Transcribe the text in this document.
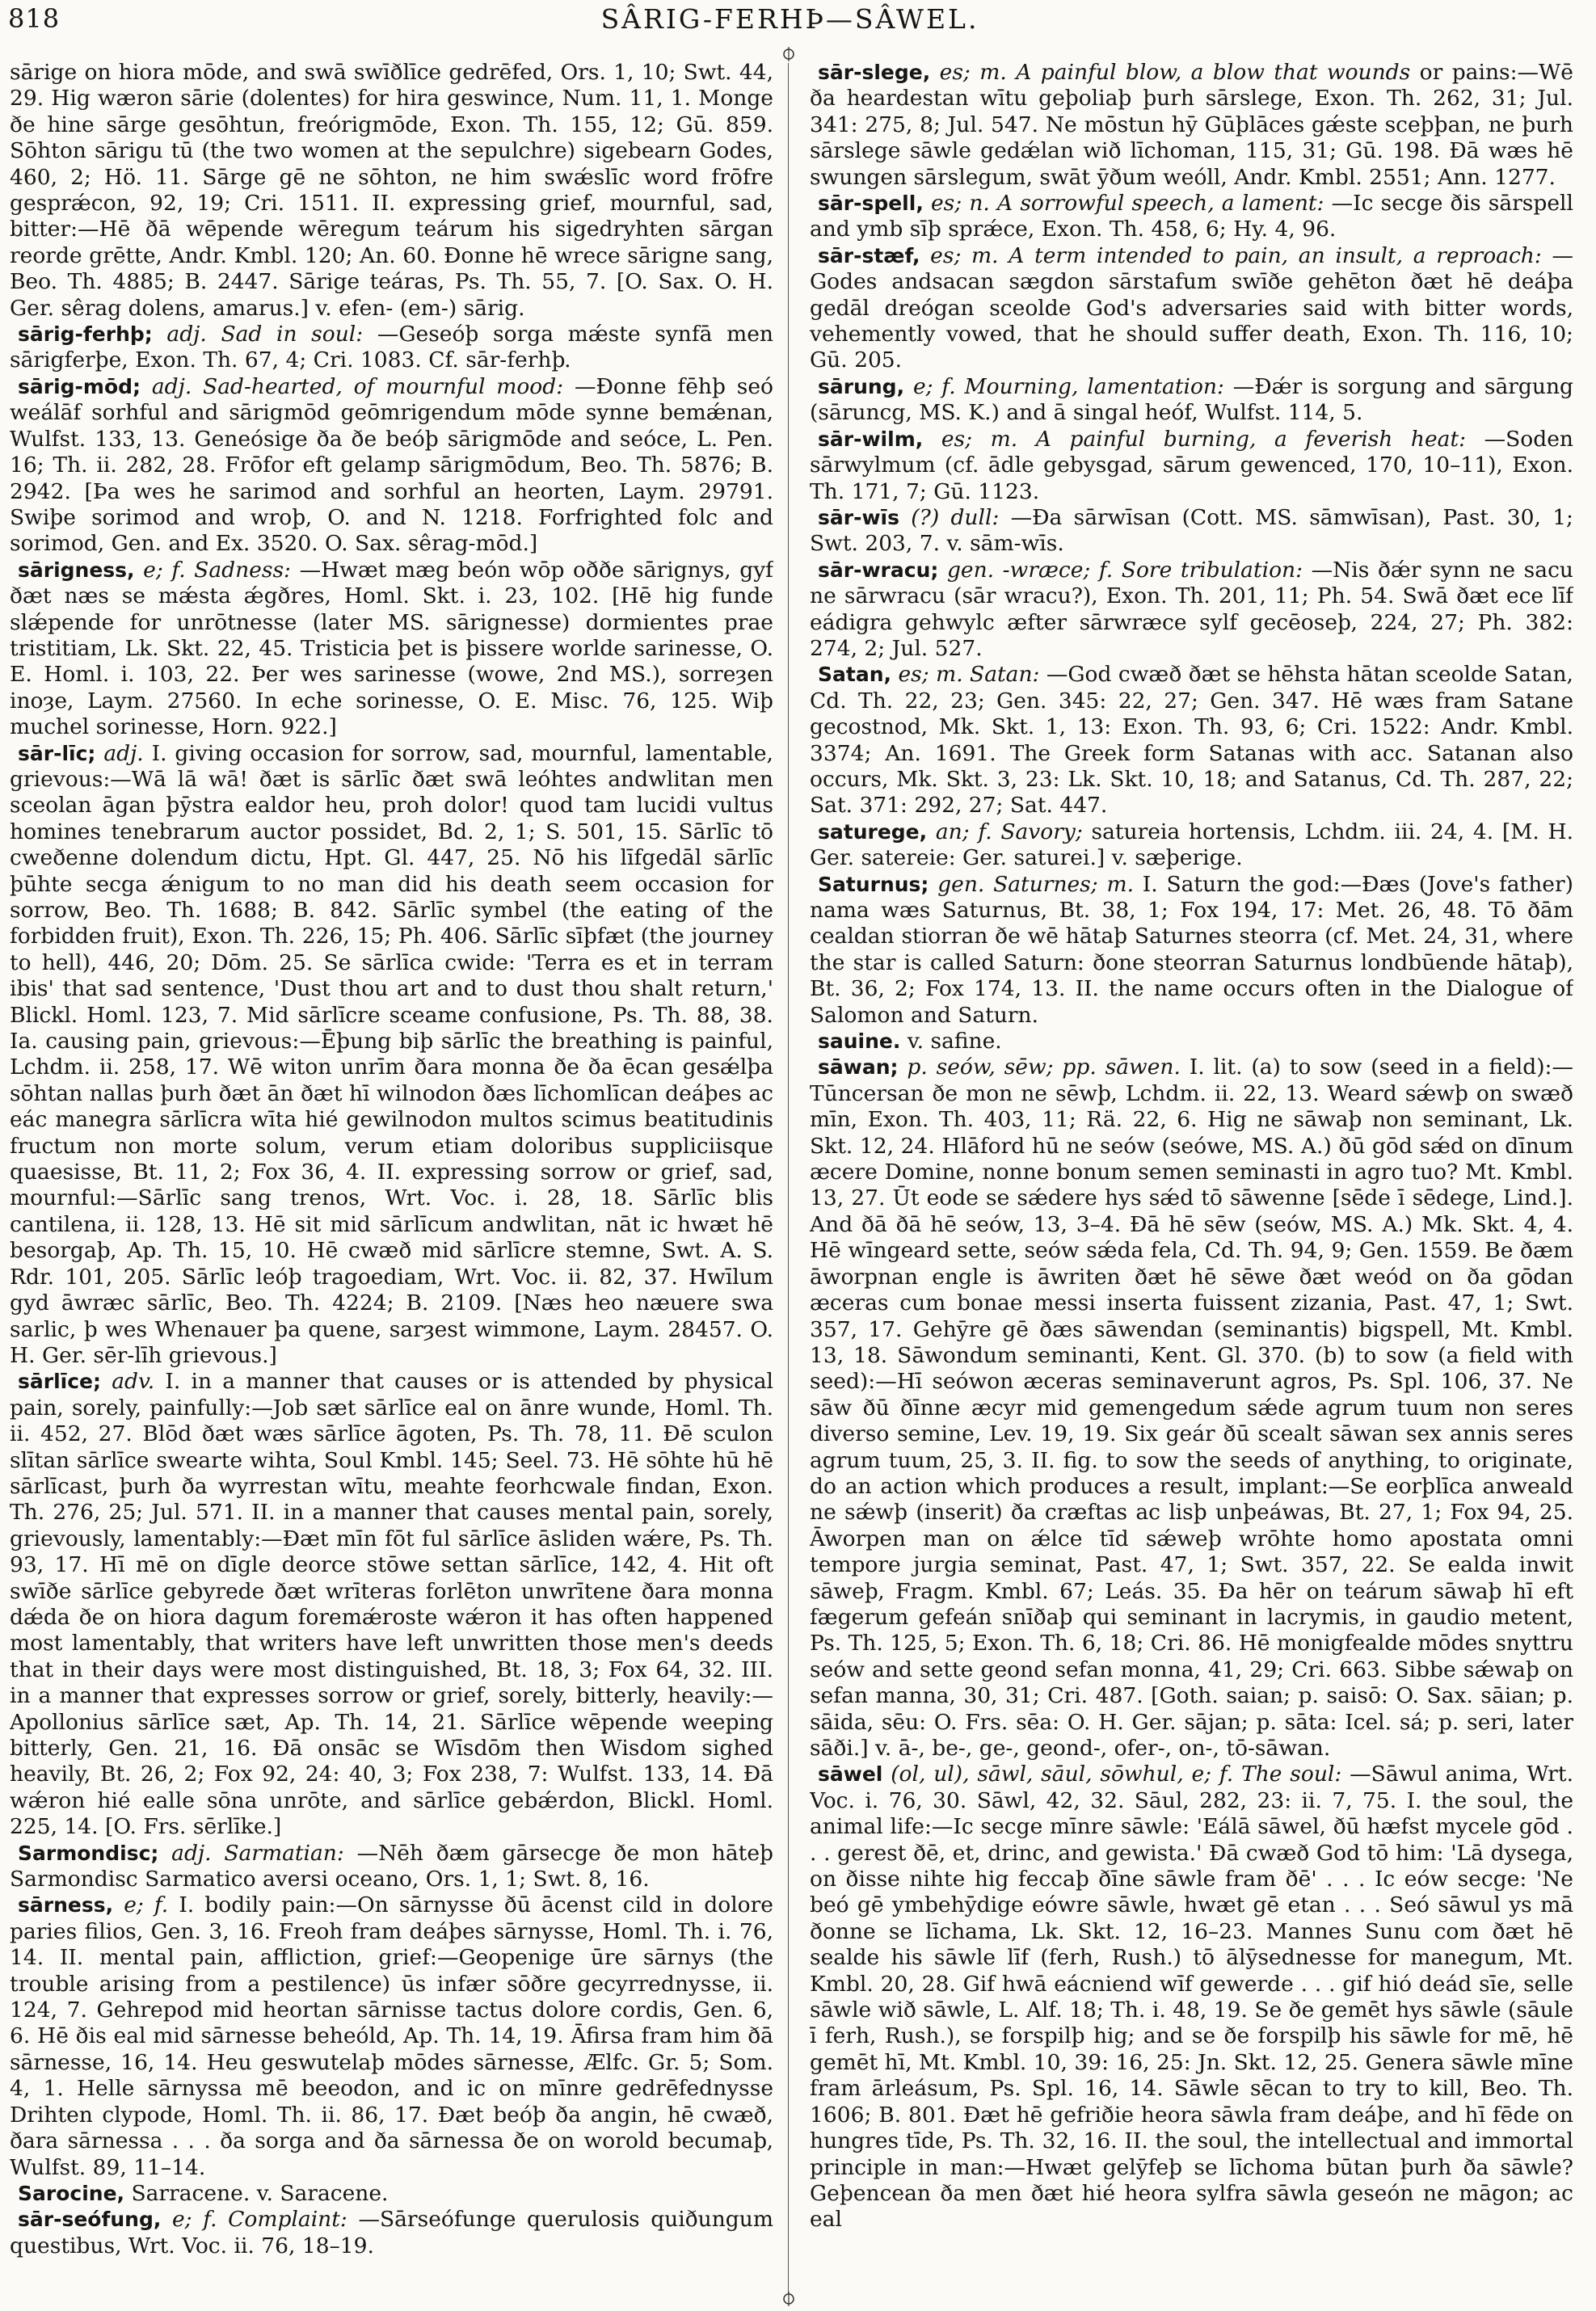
818	SÂRIG-FERHÞ—SÂWEL.

sārige on hiora mōde, and swā swīðlīce gedrēfed, Ors. 1, 10; Swt. 44, 29. Hig wæron sārie (dolentes) for hira geswince, Num. 11, 1. Monge ðe hine sārge gesōhtun, freórigmōde, Exon. Th. 155, 12; Gū. 859. Sōhton sārigu tū (the two women at the sepulchre) sigebearn Godes, 460, 2; Hö. 11. Sārge gē ne sōhton, ne him swǽslīc word frōfre gesprǽcon, 92, 19; Cri. 1511. II. expressing grief, mournful, sad, bitter:—Hē ðā wēpende wēregum teárum his sigedryhten sārgan reorde grētte, Andr. Kmbl. 120; An. 60. Ðonne hē wrece sārigne sang, Beo. Th. 4885; B. 2447. Sārige teáras, Ps. Th. 55, 7. [O. Sax. O. H. Ger. sêrag dolens, amarus.] v. efen- (em-) sārig.

sārig-ferhþ; adj. Sad in soul: —Geseóþ sorga mǽste synfā men sārigferþe, Exon. Th. 67, 4; Cri. 1083. Cf. sār-ferhþ.

sārig-mōd; adj. Sad-hearted, of mournful mood: —Ðonne fēhþ seó weálāf sorhful and sārigmōd geōmrigendum mōde synne bemǽnan, Wulfst. 133, 13. Geneósige ða ðe beóþ sārigmōde and seóce, L. Pen. 16; Th. ii. 282, 28. Frōfor eft gelamp sārigmōdum, Beo. Th. 5876; B. 2942. [Þa wes he sarimod and sorhful an heorten, Laym. 29791. Swiþe sorimod and wroþ, O. and N. 1218. Forfrighted folc and sorimod, Gen. and Ex. 3520. O. Sax. sêrag-mōd.]

sārigness, e; f. Sadness: —Hwæt mæg beón wōp oððe sārignys, gyf ðæt næs se mǽsta ǽgðres, Homl. Skt. i. 23, 102. [Hē hig funde slǽpende for unrōtnesse (later MS. sārignesse) dormientes prae tristitiam, Lk. Skt. 22, 45. Tristicia þet is þissere worlde sarinesse, O. E. Homl. i. 103, 22. Þer wes sarinesse (wowe, 2nd MS.), sorreȝen inoȝe, Laym. 27560. In eche sorinesse, O. E. Misc. 76, 125. Wiþ muchel sorinesse, Horn. 922.]

sār-līc; adj. I. giving occasion for sorrow, sad, mournful, lamentable, grievous:—Wā lā wā! ðæt is sārlīc ðæt swā leóhtes andwlitan men sceolan āgan þȳstra ealdor heu, proh dolor! quod tam lucidi vultus homines tenebrarum auctor possidet, Bd. 2, 1; S. 501, 15. Sārlīc tō cweðenne dolendum dictu, Hpt. Gl. 447, 25. Nō his līfgedāl sārlīc þūhte secga ǽnigum to no man did his death seem occasion for sorrow, Beo. Th. 1688; B. 842. Sārlīc symbel (the eating of the forbidden fruit), Exon. Th. 226, 15; Ph. 406. Sārlīc sīþfæt (the journey to hell), 446, 20; Dōm. 25. Se sārlīca cwide: 'Terra es et in terram ibis' that sad sentence, 'Dust thou art and to dust thou shalt return,' Blickl. Homl. 123, 7. Mid sārlīcre sceame confusione, Ps. Th. 88, 38. Ia. causing pain, grievous:—Ēþung biþ sārlīc the breathing is painful, Lchdm. ii. 258, 17. Wē witon unrīm ðara monna ðe ða ēcan gesǽlþa sōhtan nallas þurh ðæt ān ðæt hī wilnodon ðæs līchomlīcan deáþes ac eác manegra sārlīcra wīta hié gewilnodon multos scimus beatitudinis fructum non morte solum, verum etiam doloribus suppliciisque quaesisse, Bt. 11, 2; Fox 36, 4. II. expressing sorrow or grief, sad, mournful:—Sārlīc sang trenos, Wrt. Voc. i. 28, 18. Sārlīc blis cantilena, ii. 128, 13. Hē sit mid sārlīcum andwlitan, nāt ic hwæt hē besorgaþ, Ap. Th. 15, 10. Hē cwæð mid sārlīcre stemne, Swt. A. S. Rdr. 101, 205. Sārlīc leóþ tragoediam, Wrt. Voc. ii. 82, 37. Hwīlum gyd āwræc sārlīc, Beo. Th. 4224; B. 2109. [Næs heo næuere swa sarlic, þ wes Whenauer þa quene, sarȝest wimmone, Laym. 28457. O. H. Ger. sēr-līh grievous.]

sārlīce; adv. I. in a manner that causes or is attended by physical pain, sorely, painfully:—Job sæt sārlīce eal on ānre wunde, Homl. Th. ii. 452, 27. Blōd ðæt wæs sārlīce āgoten, Ps. Th. 78, 11. Ðē sculon slītan sārlīce swearte wihta, Soul Kmbl. 145; Seel. 73. Hē sōhte hū hē sārlīcast, þurh ða wyrrestan wītu, meahte feorhcwale findan, Exon. Th. 276, 25; Jul. 571. II. in a manner that causes mental pain, sorely, grievously, lamentably:—Ðæt mīn fōt ful sārlīce āsliden wǽre, Ps. Th. 93, 17. Hī mē on dīgle deorce stōwe settan sārlīce, 142, 4. Hit oft swīðe sārlīce gebyrede ðæt wrīteras forlēton unwrītene ðara monna dǽda ðe on hiora dagum foremǽroste wǽron it has often happened most lamentably, that writers have left unwritten those men's deeds that in their days were most distinguished, Bt. 18, 3; Fox 64, 32. III. in a manner that expresses sorrow or grief, sorely, bitterly, heavily:—Apollonius sārlīce sæt, Ap. Th. 14, 21. Sārlīce wēpende weeping bitterly, Gen. 21, 16. Ðā onsāc se Wīsdōm then Wisdom sighed heavily, Bt. 26, 2; Fox 92, 24: 40, 3; Fox 238, 7: Wulfst. 133, 14. Ðā wǽron hié ealle sōna unrōte, and sārlīce gebǽrdon, Blickl. Homl. 225, 14. [O. Frs. sērlīke.]

Sarmondisc; adj. Sarmatian: —Nēh ðæm gārsecge ðe mon hāteþ Sarmondisc Sarmatico aversi oceano, Ors. 1, 1; Swt. 8, 16.

sārness, e; f. I. bodily pain:—On sārnysse ðū ācenst cild in dolore paries filios, Gen. 3, 16. Freoh fram deáþes sārnysse, Homl. Th. i. 76, 14. II. mental pain, affliction, grief:—Geopenige ūre sārnys (the trouble arising from a pestilence) ūs infær sōðre gecyrrednysse, ii. 124, 7. Gehrepod mid heortan sārnisse tactus dolore cordis, Gen. 6, 6. Hē ðis eal mid sārnesse beheóld, Ap. Th. 14, 19. Āfirsa fram him ðā sārnesse, 16, 14. Heu geswutelaþ mōdes sārnesse, Ælfc. Gr. 5; Som. 4, 1. Helle sārnyssa mē beeodon, and ic on mīnre gedrēfednysse Drihten clypode, Homl. Th. ii. 86, 17. Ðæt beóþ ða angin, hē cwæð, ðara sārnessa . . . ða sorga and ða sārnessa ðe on worold becumaþ, Wulfst. 89, 11–14.

Sarocine, Sarracene. v. Saracene.

sār-seófung, e; f. Complaint: —Sārseófunge querulosis quiðungum questibus, Wrt. Voc. ii. 76, 18–19.

sār-slege, es; m. A painful blow, a blow that wounds or pains:—Wē ða heardestan wītu geþoliaþ þurh sārslege, Exon. Th. 262, 31; Jul. 341: 275, 8; Jul. 547. Ne mōstun hȳ Gūþlāces gǽste sceþþan, ne þurh sārslege sāwle gedǽlan wið līchoman, 115, 31; Gū. 198. Ðā wæs hē swungen sārslegum, swāt ȳðum weóll, Andr. Kmbl. 2551; Ann. 1277.

sār-spell, es; n. A sorrowful speech, a lament: —Ic secge ðis sārspell and ymb sīþ sprǽce, Exon. Th. 458, 6; Hy. 4, 96.

sār-stæf, es; m. A term intended to pain, an insult, a reproach: —Godes andsacan sægdon sārstafum swīðe gehēton ðæt hē deáþa gedāl dreógan sceolde God's adversaries said with bitter words, vehemently vowed, that he should suffer death, Exon. Th. 116, 10; Gū. 205.

sārung, e; f. Mourning, lamentation: —Ðǽr is sorgung and sārgung (sāruncg, MS. K.) and ā singal heóf, Wulfst. 114, 5.

sār-wilm, es; m. A painful burning, a feverish heat: —Soden sārwylmum (cf. ādle gebysgad, sārum gewenced, 170, 10–11), Exon. Th. 171, 7; Gū. 1123.

sār-wīs (?) dull: —Ða sārwīsan (Cott. MS. sāmwīsan), Past. 30, 1; Swt. 203, 7. v. sām-wīs.

sār-wracu; gen. -wræce; f. Sore tribulation: —Nis ðǽr synn ne sacu ne sārwracu (sār wracu?), Exon. Th. 201, 11; Ph. 54. Swā ðæt ece līf eádigra gehwylc æfter sārwræce sylf gecēoseþ, 224, 27; Ph. 382: 274, 2; Jul. 527.

Satan, es; m. Satan: —God cwæð ðæt se hēhsta hātan sceolde Satan, Cd. Th. 22, 23; Gen. 345: 22, 27; Gen. 347. Hē wæs fram Satane gecostnod, Mk. Skt. 1, 13: Exon. Th. 93, 6; Cri. 1522: Andr. Kmbl. 3374; An. 1691. The Greek form Satanas with acc. Satanan also occurs, Mk. Skt. 3, 23: Lk. Skt. 10, 18; and Satanus, Cd. Th. 287, 22; Sat. 371: 292, 27; Sat. 447.

saturege, an; f. Savory; satureia hortensis, Lchdm. iii. 24, 4. [M. H. Ger. satereie: Ger. saturei.] v. sæþerige.

Saturnus; gen. Saturnes; m. I. Saturn the god:—Ðæs (Jove's father) nama wæs Saturnus, Bt. 38, 1; Fox 194, 17: Met. 26, 48. Tō ðām cealdan stiorran ðe wē hātaþ Saturnes steorra (cf. Met. 24, 31, where the star is called Saturn: ðone steorran Saturnus londbūende hātaþ), Bt. 36, 2; Fox 174, 13. II. the name occurs often in the Dialogue of Salomon and Saturn.

sauine. v. safine.

sāwan; p. seów, sēw; pp. sāwen. I. lit. (a) to sow (seed in a field):—Tūncersan ðe mon ne sēwþ, Lchdm. ii. 22, 13. Weard sǽwþ on swæð mīn, Exon. Th. 403, 11; Rä. 22, 6. Hig ne sāwaþ non seminant, Lk. Skt. 12, 24. Hlāford hū ne seów (seówe, MS. A.) ðū gōd sǽd on dīnum æcere Domine, nonne bonum semen seminasti in agro tuo? Mt. Kmbl. 13, 27. Ūt eode se sǽdere hys sǽd tō sāwenne [sēde ī sēdege, Lind.]. And ðā ðā hē seów, 13, 3–4. Ðā hē sēw (seów, MS. A.) Mk. Skt. 4, 4. Hē wīngeard sette, seów sǽda fela, Cd. Th. 94, 9; Gen. 1559. Be ðæm āworpnan engle is āwriten ðæt hē sēwe ðæt weód on ða gōdan æceras cum bonae messi inserta fuissent zizania, Past. 47, 1; Swt. 357, 17. Gehȳre gē ðæs sāwendan (seminantis) bigspell, Mt. Kmbl. 13, 18. Sāwondum seminanti, Kent. Gl. 370. (b) to sow (a field with seed):—Hī seówon æceras seminaverunt agros, Ps. Spl. 106, 37. Ne sāw ðū ðīnne æcyr mid gemengedum sǽde agrum tuum non seres diverso semine, Lev. 19, 19. Six geár ðū scealt sāwan sex annis seres agrum tuum, 25, 3. II. fig. to sow the seeds of anything, to originate, do an action which produces a result, implant:—Se eorþlīca anweald ne sǽwþ (inserit) ða cræftas ac lisþ unþeáwas, Bt. 27, 1; Fox 94, 25. Āworpen man on ǽlce tīd sǽweþ wrōhte homo apostata omni tempore jurgia seminat, Past. 47, 1; Swt. 357, 22. Se ealda inwit sāweþ, Fragm. Kmbl. 67; Leás. 35. Ða hēr on teárum sāwaþ hī eft fægerum gefeán snīðaþ qui seminant in lacrymis, in gaudio metent, Ps. Th. 125, 5; Exon. Th. 6, 18; Cri. 86. Hē monigfealde mōdes snyttru seów and sette geond sefan monna, 41, 29; Cri. 663. Sibbe sǽwaþ on sefan manna, 30, 31; Cri. 487. [Goth. saian; p. saisō: O. Sax. sāian; p. sāida, sēu: O. Frs. sēa: O. H. Ger. sājan; p. sāta: Icel. sá; p. seri, later sāði.] v. ā-, be-, ge-, geond-, ofer-, on-, tō-sāwan.

sāwel (ol, ul), sāwl, sāul, sōwhul, e; f. The soul: —Sāwul anima, Wrt. Voc. i. 76, 30. Sāwl, 42, 32. Sāul, 282, 23: ii. 7, 75. I. the soul, the animal life:—Ic secge mīnre sāwle: 'Eálā sāwel, ðū hæfst mycele gōd . . . gerest ðē, et, drinc, and gewista.' Ðā cwæð God tō him: 'Lā dysega, on ðisse nihte hig feccaþ ðīne sāwle fram ðē' . . . Ic eów secge: 'Ne beó gē ymbehȳdige eówre sāwle, hwæt gē etan . . . Seó sāwul ys mā ðonne se līchama, Lk. Skt. 12, 16–23. Mannes Sunu com ðæt hē sealde his sāwle līf (ferh, Rush.) tō ālȳsednesse for manegum, Mt. Kmbl. 20, 28. Gif hwā eácniend wīf gewerde . . . gif hió deád sīe, selle sāwle wið sāwle, L. Alf. 18; Th. i. 48, 19. Se ðe gemēt hys sāwle (sāule ī ferh, Rush.), se forspilþ hig; and se ðe forspilþ his sāwle for mē, hē gemēt hī, Mt. Kmbl. 10, 39: 16, 25: Jn. Skt. 12, 25. Genera sāwle mīne fram ārleásum, Ps. Spl. 16, 14. Sāwle sēcan to try to kill, Beo. Th. 1606; B. 801. Ðæt hē gefriðie heora sāwla fram deáþe, and hī fēde on hungres tīde, Ps. Th. 32, 16. II. the soul, the intellectual and immortal principle in man:—Hwæt gelȳfeþ se līchoma būtan þurh ða sāwle? Geþencean ða men ðæt hié heora sylfra sāwla geseón ne māgon; ac eal
